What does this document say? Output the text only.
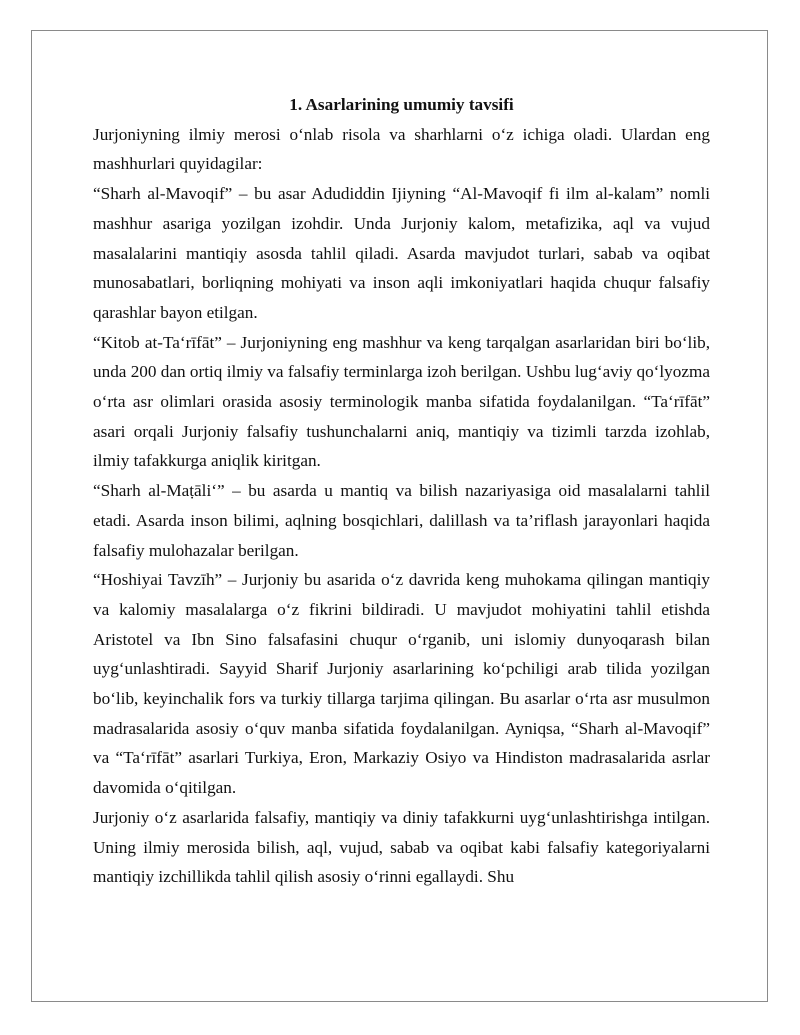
1. Asarlarining umumiy tavsifi

Jurjoniyning ilmiy merosi o‘nlab risola va sharhlarni o‘z ichiga oladi. Ulardan eng mashhurlari quyidagilar:

“Sharh al-Mavoqif” – bu asar Adudiddin Ijiyning “Al-Mavoqif fi ilm al-kalam” nomli mashhur asariga yozilgan izohdir. Unda Jurjoniy kalom, metafizika, aql va vujud masalalarini mantiqiy asosda tahlil qiladi. Asarda mavjudot turlari, sabab va oqibat munosabatlari, borliqning mohiyati va inson aqli imkoniyatlari haqida chuqur falsafiy qarashlar bayon etilgan.

“Kitob at-Ta‘rīfāt” – Jurjoniyning eng mashhur va keng tarqalgan asarlaridan biri bo‘lib, unda 200 dan ortiq ilmiy va falsafiy terminlarga izoh berilgan. Ushbu lug‘aviy qo‘lyozma o‘rta asr olimlari orasida asosiy terminologik manba sifatida foydalanilgan. “Ta‘rīfāt” asari orqali Jurjoniy falsafiy tushunchalarni aniq, mantiqiy va tizimli tarzda izohlab, ilmiy tafakkurga aniqlik kiritgan.

“Sharh al-Maṭāli‘” – bu asarda u mantiq va bilish nazariyasiga oid masalalarni tahlil etadi. Asarda inson bilimi, aqlning bosqichlari, dalillash va ta’riflash jarayonlari haqida falsafiy mulohazalar berilgan.

“Hoshiyai Tavzīh” – Jurjoniy bu asarida o‘z davrida keng muhokama qilingan mantiqiy va kalomiy masalalarga o‘z fikrini bildiradi. U mavjudot mohiyatini tahlil etishda Aristotel va Ibn Sino falsafasini chuqur o‘rganib, uni islomiy dunyoqarash bilan uyg‘unlashtiradi. Sayyid Sharif Jurjoniy asarlarining ko‘pchiligi arab tilida yozilgan bo‘lib, keyinchalik fors va turkiy tillarga tarjima qilingan. Bu asarlar o‘rta asr musulmon madrasalarida asosiy o‘quv manba sifatida foydalanilgan. Ayniqsa, “Sharh al-Mavoqif” va “Ta‘rīfāt” asarlari Turkiya, Eron, Markaziy Osiyo va Hindiston madrasalarida asrlar davomida o‘qitilgan.

Jurjoniy o‘z asarlarida falsafiy, mantiqiy va diniy tafakkurni uyg‘unlashtirishga intilgan. Uning ilmiy merosida bilish, aql, vujud, sabab va oqibat kabi falsafiy kategoriyalarni mantiqiy izchillikda tahlil qilish asosiy o‘rinni egallaydi. Shu
